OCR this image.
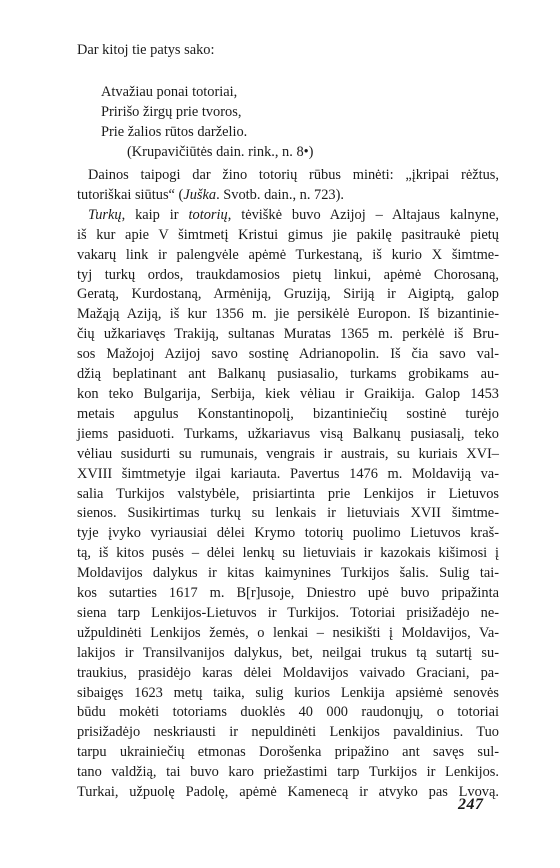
Dar kitoj tie patys sako:

Atvažiau ponai totoriai,
Pririšo žirgų prie tvoros,
Prie žalios rūtos darželio.
(Krupavičiūtės dain. rink., n. 8•)
Dainos taipogi dar žino totorių rūbus minėti: „įkripai rėžtus,
tutoriškai siūtus“ (Juška. Svotb. dain., n. 723).
Turkų, kaip ir totorių, tėviškė buvo Azijoj – Altajaus kalnyne,
iš kur apie V šimtmetį Kristui gimus jie pakilę pasitraukė pietų
vakarų link ir palengvėle apėmė Turkestaną, iš kurio X šimtme-
tyj turkų ordos, traukdamosios pietų linkui, apėmė Chorosaną,
Geratą, Kurdostaną, Armėniją, Gruziją, Siriją ir Aigiptą, galop
Mažąją Aziją, iš kur 1356 m. jie persikėlė Europon. Iš bizantinie-
čių užkariavęs Trakiją, sultanas Muratas 1365 m. perkėlė iš Bru-
sos Mažojoj Azijoj savo sostinę Adrianopolin. Iš čia savo val-
džią beplatinant ant Balkanų pusiasalio, turkams grobikams au-
kon teko Bulgarija, Serbija, kiek vėliau ir Graikija. Galop 1453
metais apgulus Konstantinopolį, bizantiniečių sostinė turėjo
jiems pasiduoti. Turkams, užkariavus visą Balkanų pusiasalį, teko
vėliau susidurti su rumunais, vengrais ir austrais, su kuriais XVI–
XVIII šimtmetyje ilgai kariauta. Pavertus 1476 m. Moldaviją va-
salia Turkijos valstybėle, prisiartinta prie Lenkijos ir Lietuvos
sienos. Susikirtimas turkų su lenkais ir lietuviais XVII šimtme-
tyje įvyko vyriausiai dėlei Krymo totorių puolimo Lietuvos kraš-
tą, iš kitos pusės – dėlei lenkų su lietuviais ir kazokais kišimosi į
Moldavijos dalykus ir kitas kaimynines Turkijos šalis. Sulig tai-
kos sutarties 1617 m. B[r]usoje, Dniestro upė buvo pripažinta
siena tarp Lenkijos-Lietuvos ir Turkijos. Totoriai prisižadėjo ne-
užpuldinėti Lenkijos žemės, o lenkai – nesikišti į Moldavijos, Va-
lakijos ir Transilvanijos dalykus, bet, neilgai trukus tą sutartį su-
traukius, prasidėjo karas dėlei Moldavijos vaivado Graciani, pa-
sibaigęs 1623 metų taika, sulig kurios Lenkija apsiėmė senovės
būdu mokėti totoriams duoklės 40 000 raudonųjų, o totoriai
prisižadėjo neskriausti ir nepuldinėti Lenkijos pavaldinius. Tuo
tarpu ukrainiečių etmonas Dorošenka pripažino ant savęs sul-
tano valdžią, tai buvo karo priežastimi tarp Turkijos ir Lenkijos.
Turkai, užpuolę Padolę, apėmė Kamenecą ir atvyko pas Lvovą.
247
